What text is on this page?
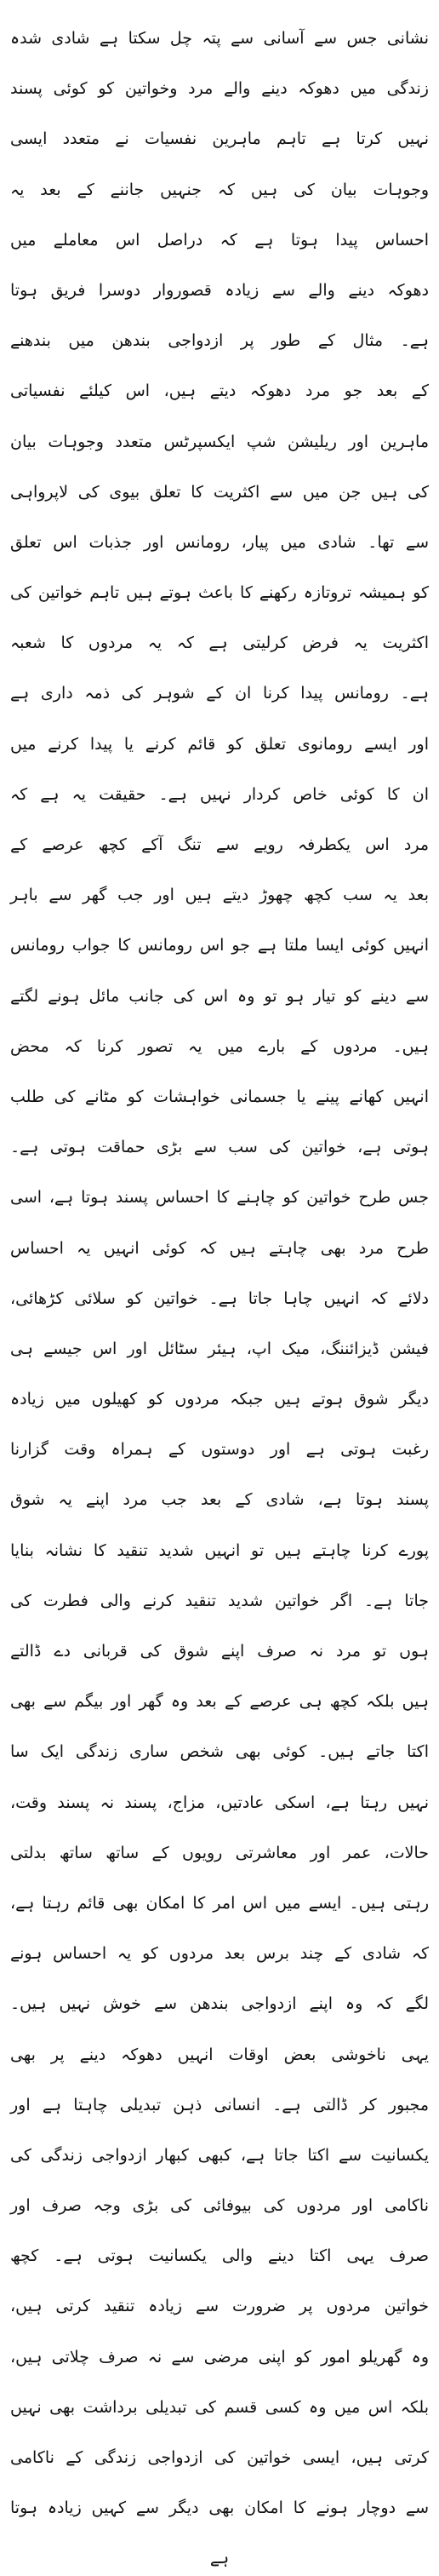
نشانی جس سے آسانی سے پتہ چل سکتا ہے شادی شدہ

زندگی میں دھوکہ دینے والے مرد وخواتین کو کوئی پسند

نہیں کرتا ہے تاہم ماہرین نفسیات نے متعدد ایسی

وجوہات بیان کی ہیں کہ جنہیں جاننے کے بعد یہ

احساس پیدا ہوتا ہے کہ دراصل اس معاملے میں

دھوکہ دینے والے سے زیادہ قصوروار دوسرا فریق ہوتا

ہے۔ مثال کے طور پر ازدواجی بندھن میں بندھنے

کے بعد جو مرد دھوکہ دیتے ہیں، اس کیلئے نفسیاتی

ماہرین اور ریلیشن شپ ایکسپرٹس متعدد وجوہات بیان

کی ہیں جن میں سے اکثریت کا تعلق بیوی کی لاپرواہی

سے تھا۔ شادی میں پیار، رومانس اور جذبات اس تعلق

کو ہمیشہ تروتازہ رکھنے کا باعث ہوتے ہیں تاہم خواتین کی

اکثریت یہ فرض کرلیتی ہے کہ یہ مردوں کا شعبہ

ہے۔ رومانس پیدا کرنا ان کے شوہر کی ذمہ داری ہے

اور ایسے رومانوی تعلق کو قائم کرنے یا پیدا کرنے میں

ان کا کوئی خاص کردار نہیں ہے۔ حقیقت یہ ہے کہ

مرد اس یکطرفہ رویے سے تنگ آکے کچھ عرصے کے

بعد یہ سب کچھ چھوڑ دیتے ہیں اور جب گھر سے باہر

انہیں کوئی ایسا ملتا ہے جو اس رومانس کا جواب رومانس

سے دینے کو تیار ہو تو وہ اس کی جانب مائل ہونے لگتے

ہیں۔ مردوں کے بارے میں یہ تصور کرنا کہ محض

انہیں کھانے پینے یا جسمانی خواہشات کو مٹانے کی طلب

ہوتی ہے، خواتین کی سب سے بڑی حماقت ہوتی ہے۔

جس طرح خواتین کو چاہنے کا احساس پسند ہوتا ہے، اسی

طرح مرد بھی چاہتے ہیں کہ کوئی انہیں یہ احساس

دلائے کہ انہیں چاہا جاتا ہے۔ خواتین کو سلائی کڑھائی،

فیشن ڈیزائننگ، میک اپ، ہیئر سٹائل اور اس جیسے ہی

دیگر شوق ہوتے ہیں جبکہ مردوں کو کھیلوں میں زیادہ

رغبت ہوتی ہے اور دوستوں کے ہمراہ وقت گزارنا

پسند ہوتا ہے، شادی کے بعد جب مرد اپنے یہ شوق

پورے کرنا چاہتے ہیں تو انہیں شدید تنقید کا نشانہ بنایا

جاتا ہے۔ اگر خواتین شدید تنقید کرنے والی فطرت کی

ہوں تو مرد نہ صرف اپنے شوق کی قربانی دے ڈالتے

ہیں بلکہ کچھ ہی عرصے کے بعد وہ گھر اور بیگم سے بھی

اکتا جاتے ہیں۔ کوئی بھی شخص ساری زندگی ایک سا

نہیں رہتا ہے، اسکی عادتیں، مزاج، پسند نہ پسند وقت،

حالات، عمر اور معاشرتی رویوں کے ساتھ ساتھ بدلتی

رہتی ہیں۔ ایسے میں اس امر کا امکان بھی قائم رہتا ہے،

کہ شادی کے چند برس بعد مردوں کو یہ احساس ہونے

لگے کہ وہ اپنے ازدواجی بندھن سے خوش نہیں ہیں۔

یہی ناخوشی بعض اوقات انہیں دھوکہ دینے پر بھی

مجبور کر ڈالتی ہے۔ انسانی ذہن تبدیلی چاہتا ہے اور

یکسانیت سے اکتا جاتا ہے، کبھی کبھار ازدواجی زندگی کی

ناکامی اور مردوں کی بیوفائی کی بڑی وجہ صرف اور

صرف یہی اکتا دینے والی یکسانیت ہوتی ہے۔ کچھ

خواتین مردوں پر ضرورت سے زیادہ تنقید کرتی ہیں،

وہ گھریلو امور کو اپنی مرضی سے نہ صرف چلاتی ہیں،

بلکہ اس میں وہ کسی قسم کی تبدیلی برداشت بھی نہیں

کرتی ہیں، ایسی خواتین کی ازدواجی زندگی کے ناکامی

سے دوچار ہونے کا امکان بھی دیگر سے کہیں زیادہ ہوتا

ہے
